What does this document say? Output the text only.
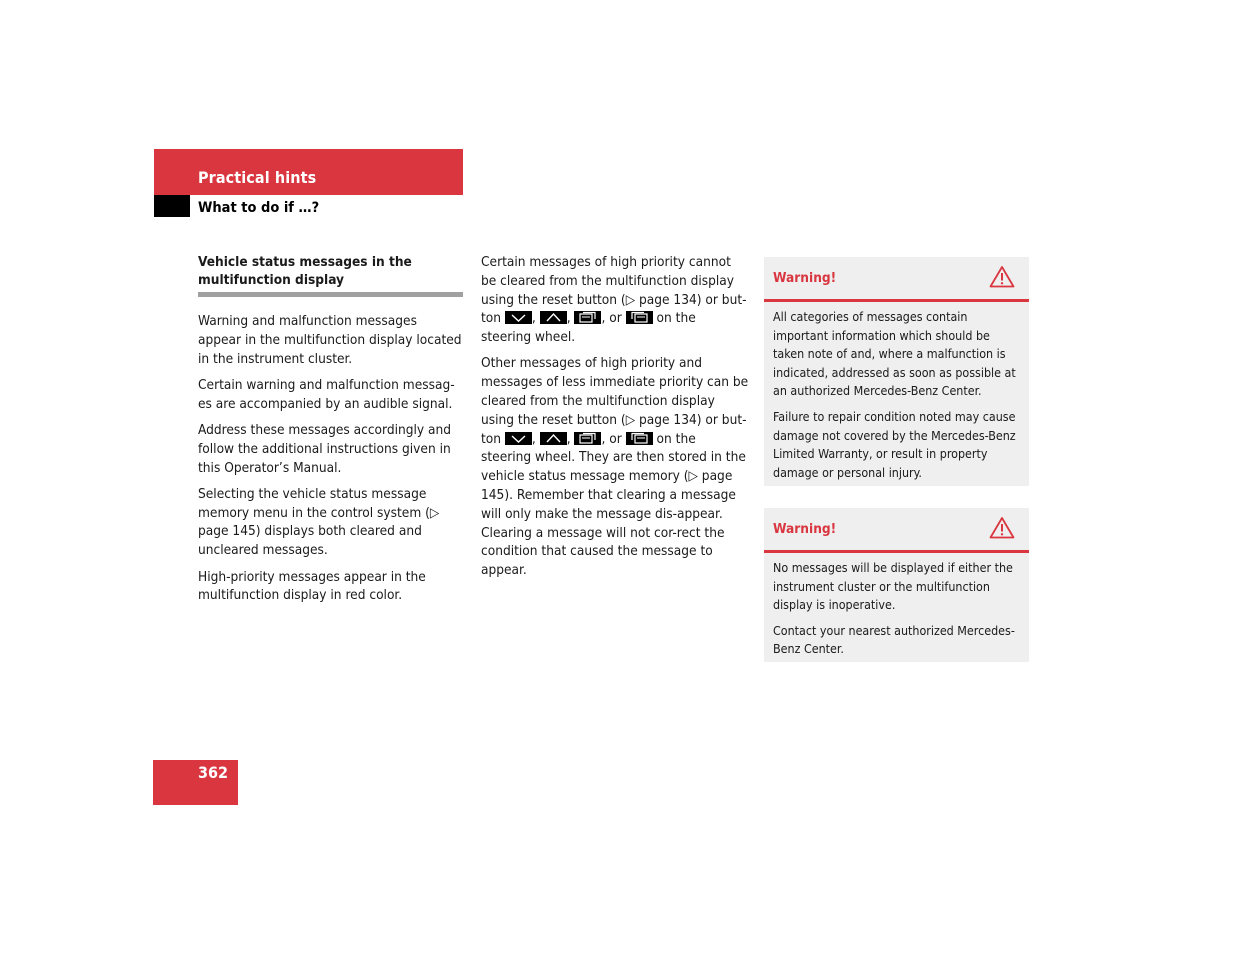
Practical hints
What to do if …?
Vehicle status messages in the multifunction display

Warning and malfunction messages appear in the multifunction display located in the instrument cluster.

Certain warning and malfunction messag-es are accompanied by an audible signal.

Address these messages accordingly and follow the additional instructions given in this Operator’s Manual.

Selecting the vehicle status message memory menu in the control system (▷ page 145) displays both cleared and uncleared messages.

High-priority messages appear in the multifunction display in red color.

Certain messages of high priority cannot be cleared from the multifunction display using the reset button (▷ page 134) or but-ton , , , or	on the steering wheel.

Other messages of high priority and messages of less immediate priority can be cleared from the multifunction display using the reset button (▷ page 134) or but-ton , , , or	on the steering wheel. They are then stored in the vehicle status message memory (▷ page 145). Remember that clearing a message will only make the message dis-appear. Clearing a message will not cor-rect the condition that caused the message to appear.

Warning!

All categories of messages contain important information which should be taken note of and, where a malfunction is indicated, addressed as soon as possible at an authorized Mercedes-Benz Center.

Failure to repair condition noted may cause damage not covered by the Mercedes-Benz Limited Warranty, or result in property damage or personal injury.

Warning!

No messages will be displayed if either the instrument cluster or the multifunction display is inoperative.

Contact your nearest authorized Mercedes-Benz Center.

362
